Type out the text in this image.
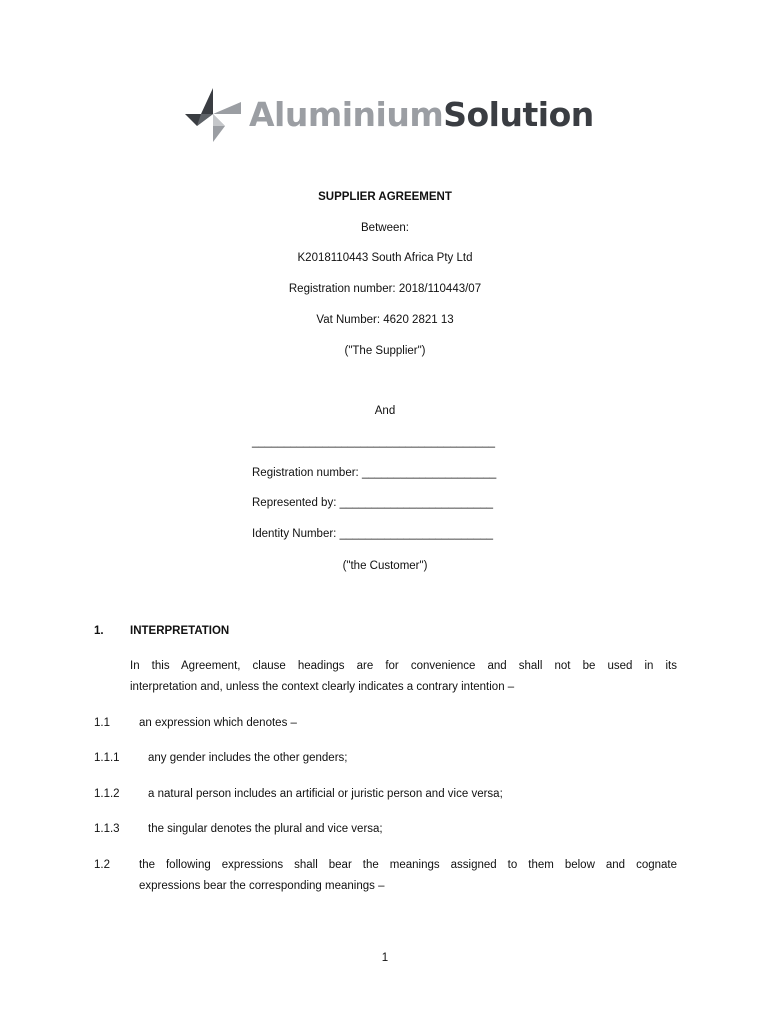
AluminiumSolution
SUPPLIER AGREEMENT
Between:
K2018110443 South Africa Pty Ltd
Registration number: 2018/110443/07
Vat Number: 4620 2821 13
("The Supplier")
And
______________________________________
Registration number: _____________________
Represented by: ________________________
Identity Number: ________________________
("the Customer")
1. INTERPRETATION
In this Agreement, clause headings are for convenience and shall not be used in its
interpretation and, unless the context clearly indicates a contrary intention –
1.1	an expression which denotes –
1.1.1 any gender includes the other genders;
1.1.2 a natural person includes an artificial or juristic person and vice versa;
1.1.3 the singular denotes the plural and vice versa;
1.2	the following expressions shall bear the meanings assigned to them below and cognate
expressions bear the corresponding meanings –
1
